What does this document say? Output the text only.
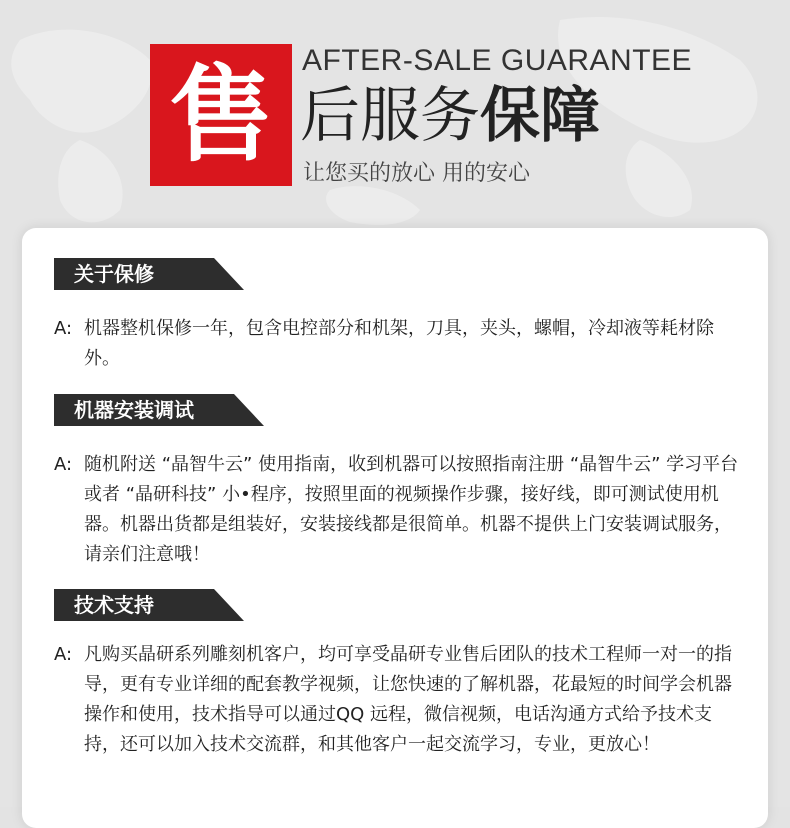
售 AFTER-SALE GUARANTEE
后服务保障
让您买的放心 用的安心
关于保修
A: 机器整机保修一年，包含电控部分和机架，刀具，夹头，螺帽，冷却液等耗材除外。
机器安装调试
A: 随机附送 “晶智牛云” 使用指南，收到机器可以按照指南注册 “晶智牛云” 学习平台或者 “晶研科技” 小•程序，按照里面的视频操作步骤，接好线，即可测试使用机器。机器出货都是组装好，安装接线都是很简单。机器不提供上门安装调试服务，请亲们注意哦！
技术支持
A: 凡购买晶研系列雕刻机客户，均可享受晶研专业售后团队的技术工程师一对一的指导，更有专业详细的配套教学视频，让您快速的了解机器，花最短的时间学会机器操作和使用，技术指导可以通过QQ 远程，微信视频，电话沟通方式给予技术支持，还可以加入技术交流群，和其他客户一起交流学习，专业，更放心！
